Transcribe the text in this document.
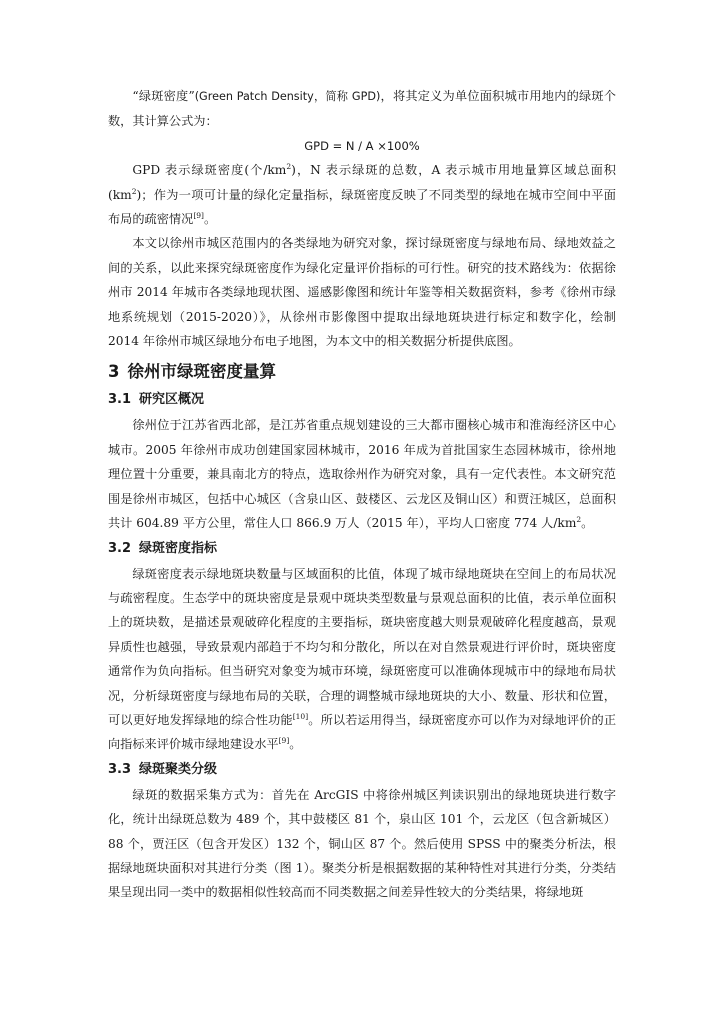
“绿斑密度”(Green Patch Density，简称 GPD)，将其定义为单位面积城市用地内的绿斑个数，其计算公式为：

GPD = N / A ×100%

GPD 表示绿斑密度(个$/km^2$)，N 表示绿斑的总数，A 表示城市用地量算区域总面积$(km^2)$；作为一项可计量的绿化定量指标，绿斑密度反映了不同类型的绿地在城市空间中平面布局的疏密情况[9]。

本文以徐州市城区范围内的各类绿地为研究对象，探讨绿斑密度与绿地布局、绿地效益之间的关系，以此来探究绿斑密度作为绿化定量评价指标的可行性。研究的技术路线为：依据徐州市 2014 年城市各类绿地现状图、遥感影像图和统计年鉴等相关数据资料，参考《徐州市绿地系统规划（2015-2020）》，从徐州市影像图中提取出绿地斑块进行标定和数字化，绘制 2014 年徐州市城区绿地分布电子地图，为本文中的相关数据分析提供底图。

3 徐州市绿斑密度量算
3.1 研究区概况

徐州位于江苏省西北部，是江苏省重点规划建设的三大都市圈核心城市和淮海经济区中心城市。2005 年徐州市成功创建国家园林城市，2016 年成为首批国家生态园林城市，徐州地理位置十分重要，兼具南北方的特点，选取徐州作为研究对象，具有一定代表性。本文研究范围是徐州市城区，包括中心城区（含泉山区、鼓楼区、云龙区及铜山区）和贾汪城区，总面积共计 604.89 平方公里，常住人口 866.9 万人（2015 年），平均人口密度 774 人$/km^2$。

3.2 绿斑密度指标

绿斑密度表示绿地斑块数量与区域面积的比值，体现了城市绿地斑块在空间上的布局状况与疏密程度。生态学中的斑块密度是景观中斑块类型数量与景观总面积的比值，表示单位面积上的斑块数，是描述景观破碎化程度的主要指标，斑块密度越大则景观破碎化程度越高，景观异质性也越强，导致景观内部趋于不均匀和分散化，所以在对自然景观进行评价时，斑块密度通常作为负向指标。但当研究对象变为城市环境，绿斑密度可以准确体现城市中的绿地布局状况，分析绿斑密度与绿地布局的关联，合理的调整城市绿地斑块的大小、数量、形状和位置，可以更好地发挥绿地的综合性功能[10]。所以若运用得当，绿斑密度亦可以作为对绿地评价的正向指标来评价城市绿地建设水平[9]。

3.3 绿斑聚类分级

绿斑的数据采集方式为：首先在 ArcGIS 中将徐州城区判读识别出的绿地斑块进行数字化，统计出绿斑总数为 489 个，其中鼓楼区 81 个，泉山区 101 个，云龙区（包含新城区）88 个，贾汪区（包含开发区）132 个，铜山区 87 个。然后使用 SPSS 中的聚类分析法，根据绿地斑块面积对其进行分类（图 1）。聚类分析是根据数据的某种特性对其进行分类，分类结果呈现出同一类中的数据相似性较高而不同类数据之间差异性较大的分类结果，将绿地斑
